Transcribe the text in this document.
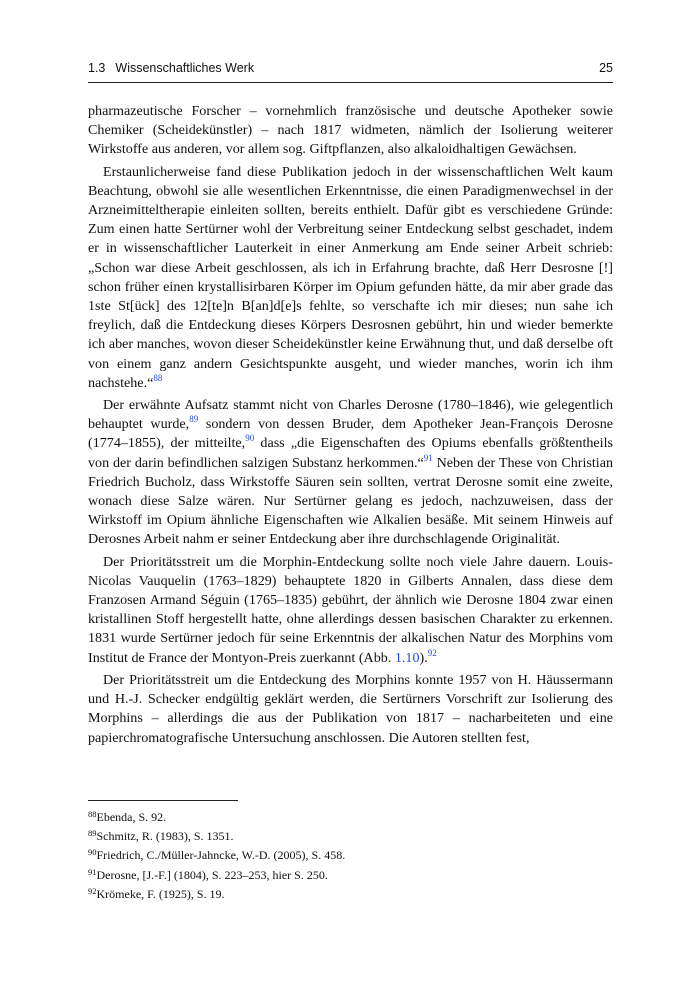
1.3 Wissenschaftliches Werk	25

pharmazeutische Forscher – vornehmlich französische und deutsche Apotheker sowie Chemiker (Scheidekünstler) – nach 1817 widmeten, nämlich der Isolierung weiterer Wirkstoffe aus anderen, vor allem sog. Giftpflanzen, also alkaloidhaltigen Gewächsen.

Erstaunlicherweise fand diese Publikation jedoch in der wissenschaftlichen Welt kaum Beachtung, obwohl sie alle wesentlichen Erkenntnisse, die einen Paradigmenwechsel in der Arzneimitteltherapie einleiten sollten, bereits enthielt. Dafür gibt es verschiedene Gründe: Zum einen hatte Sertürner wohl der Verbreitung seiner Entdeckung selbst geschadet, indem er in wissenschaftlicher Lauterkeit in einer Anmerkung am Ende seiner Arbeit schrieb: „Schon war diese Arbeit geschlossen, als ich in Erfahrung brachte, daß Herr Desrosne [!] schon früher einen krystallisirbaren Körper im Opium gefunden hätte, da mir aber grade das 1ste St[ück] des 12[te]n B[an]d[e]s fehlte, so verschafte ich mir dieses; nun sahe ich freylich, daß die Entdeckung dieses Körpers Desrosnen gebührt, hin und wieder bemerkte ich aber manches, wovon dieser Scheidekünstler keine Erwähnung thut, und daß derselbe oft von einem ganz andern Gesichtspunkte ausgeht, und wieder manches, worin ich ihm nachstehe.“$^{88}$

Der erwähnte Aufsatz stammt nicht von Charles Derosne (1780–1846), wie gelegentlich behauptet wurde,$^{89}$ sondern von dessen Bruder, dem Apotheker Jean-François Derosne (1774–1855), der mitteilte,$^{90}$ dass „die Eigenschaften des Opiums ebenfalls größtentheils von der darin befindlichen salzigen Substanz herkommen.“$^{91}$ Neben der These von Christian Friedrich Bucholz, dass Wirkstoffe Säuren sein sollten, vertrat Derosne somit eine zweite, wonach diese Salze wären. Nur Sertürner gelang es jedoch, nachzuweisen, dass der Wirkstoff im Opium ähnliche Eigenschaften wie Alkalien besäße. Mit seinem Hinweis auf Derosnes Arbeit nahm er seiner Entdeckung aber ihre durchschlagende Originalität.

Der Prioritätsstreit um die Morphin-Entdeckung sollte noch viele Jahre dauern. Louis-Nicolas Vauquelin (1763–1829) behauptete 1820 in Gilberts Annalen, dass diese dem Franzosen Armand Séguin (1765–1835) gebührt, der ähnlich wie Derosne 1804 zwar einen kristallinen Stoff hergestellt hatte, ohne allerdings dessen basischen Charakter zu erkennen. 1831 wurde Sertürner jedoch für seine Erkenntnis der alkalischen Natur des Morphins vom Institut de France der Montyon-Preis zuerkannt (Abb. 1.10).$^{92}$

Der Prioritätsstreit um die Entdeckung des Morphins konnte 1957 von H. Häussermann und H.-J. Schecker endgültig geklärt werden, die Sertürners Vorschrift zur Isolierung des Morphins – allerdings die aus der Publikation von 1817 – nacharbeiteten und eine papierchromatografische Untersuchung anschlossen. Die Autoren stellten fest,

$^{88}$Ebenda, S. 92.
$^{89}$Schmitz, R. (1983), S. 1351.
$^{90}$Friedrich, C./Müller-Jahncke, W.-D. (2005), S. 458.
$^{91}$Derosne, [J.-F.] (1804), S. 223–253, hier S. 250.
$^{92}$Krömeke, F. (1925), S. 19.
